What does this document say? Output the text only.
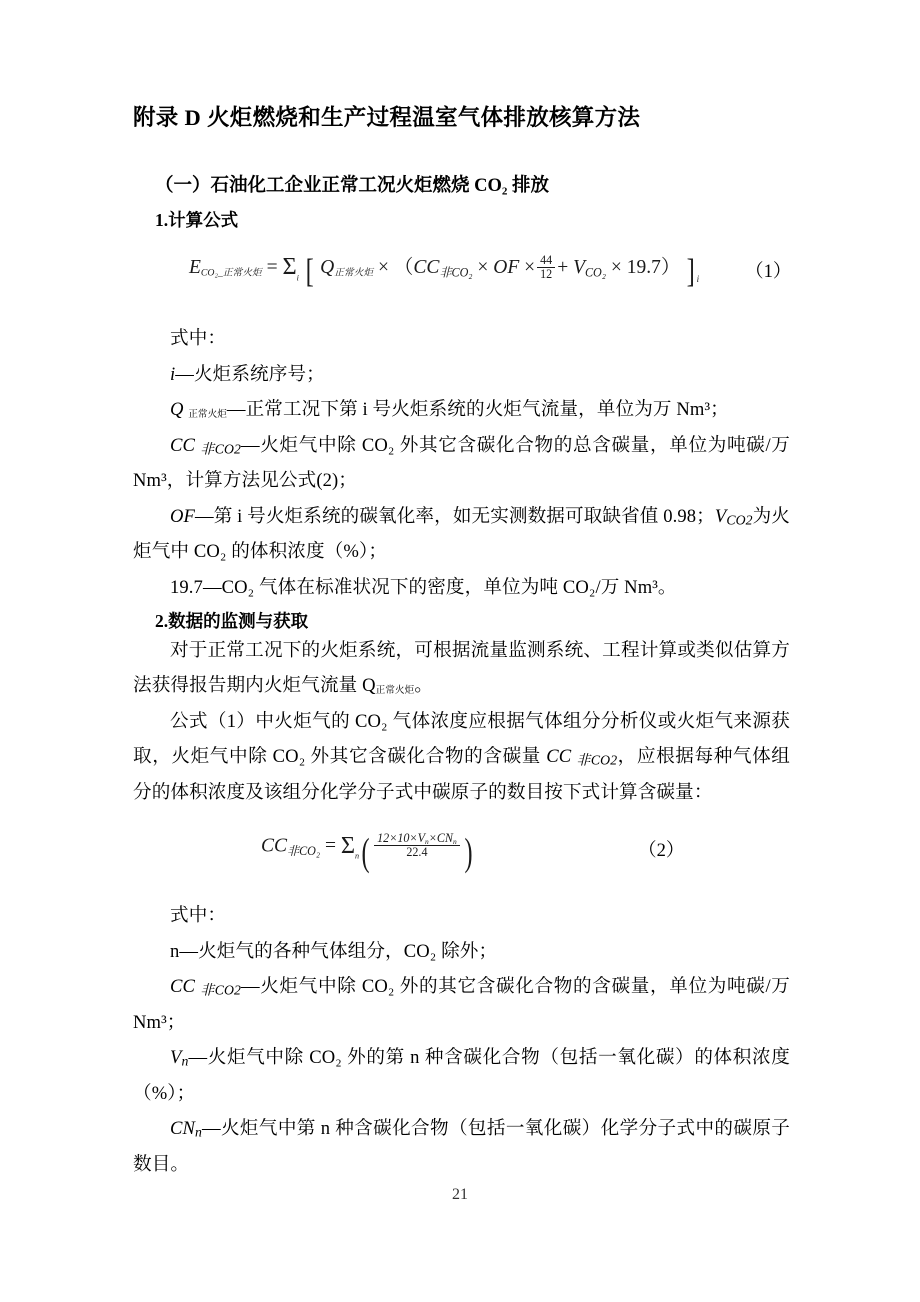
附录 D 火炬燃烧和生产过程温室气体排放核算方法
（一）石油化工企业正常工况火炬燃烧 CO₂ 排放
1.计算公式
ECO₂_正常火炬 = $\Sigma_i$ [ Q正常火炬 × （CC非CO₂ × OF × $\frac{44}{12} + VCO_2 \times 19.7$） ] $_i$ （1）

式中：

i—火炬系统序号；

Q 正常火炬—正常工况下第 i 号火炬系统的火炬气流量，单位为万 Nm³；

CC 非CO2—火炬气中除 CO₂ 外其它含碳化合物的总含碳量，单位为吨碳/万 Nm³，计算方法见公式(2)；

OF—第 i 号火炬系统的碳氧化率，如无实测数据可取缺省值 0.98；VCO2为火炬气中 CO₂ 的体积浓度（%）；

19.7—CO₂ 气体在标准状况下的密度，单位为吨 CO₂/万 Nm³。

2.数据的监测与获取

对于正常工况下的火炬系统，可根据流量监测系统、工程计算或类似估算方法获得报告期内火炬气流量 Q正常火炬。

公式（1）中火炬气的 CO₂ 气体浓度应根据气体组分分析仪或火炬气来源获取，火炬气中除 CO₂ 外其它含碳化合物的含碳量 CC 非CO2，应根据每种气体组分的体积浓度及该组分化学分子式中碳原子的数目按下式计算含碳量：

CC非$CO_2 = \Sigma_n( \frac{\text{12×10×Vn×CNn}}{22.4}$ )	（2）

式中：

n—火炬气的各种气体组分，CO₂ 除外；

CC 非CO2—火炬气中除 CO₂ 外的其它含碳化合物的含碳量，单位为吨碳/万 Nm³；

Vn—火炬气中除 CO₂ 外的第 n 种含碳化合物（包括一氧化碳）的体积浓度（%）；

CNn—火炬气中第 n 种含碳化合物（包括一氧化碳）化学分子式中的碳原子数目。

21
